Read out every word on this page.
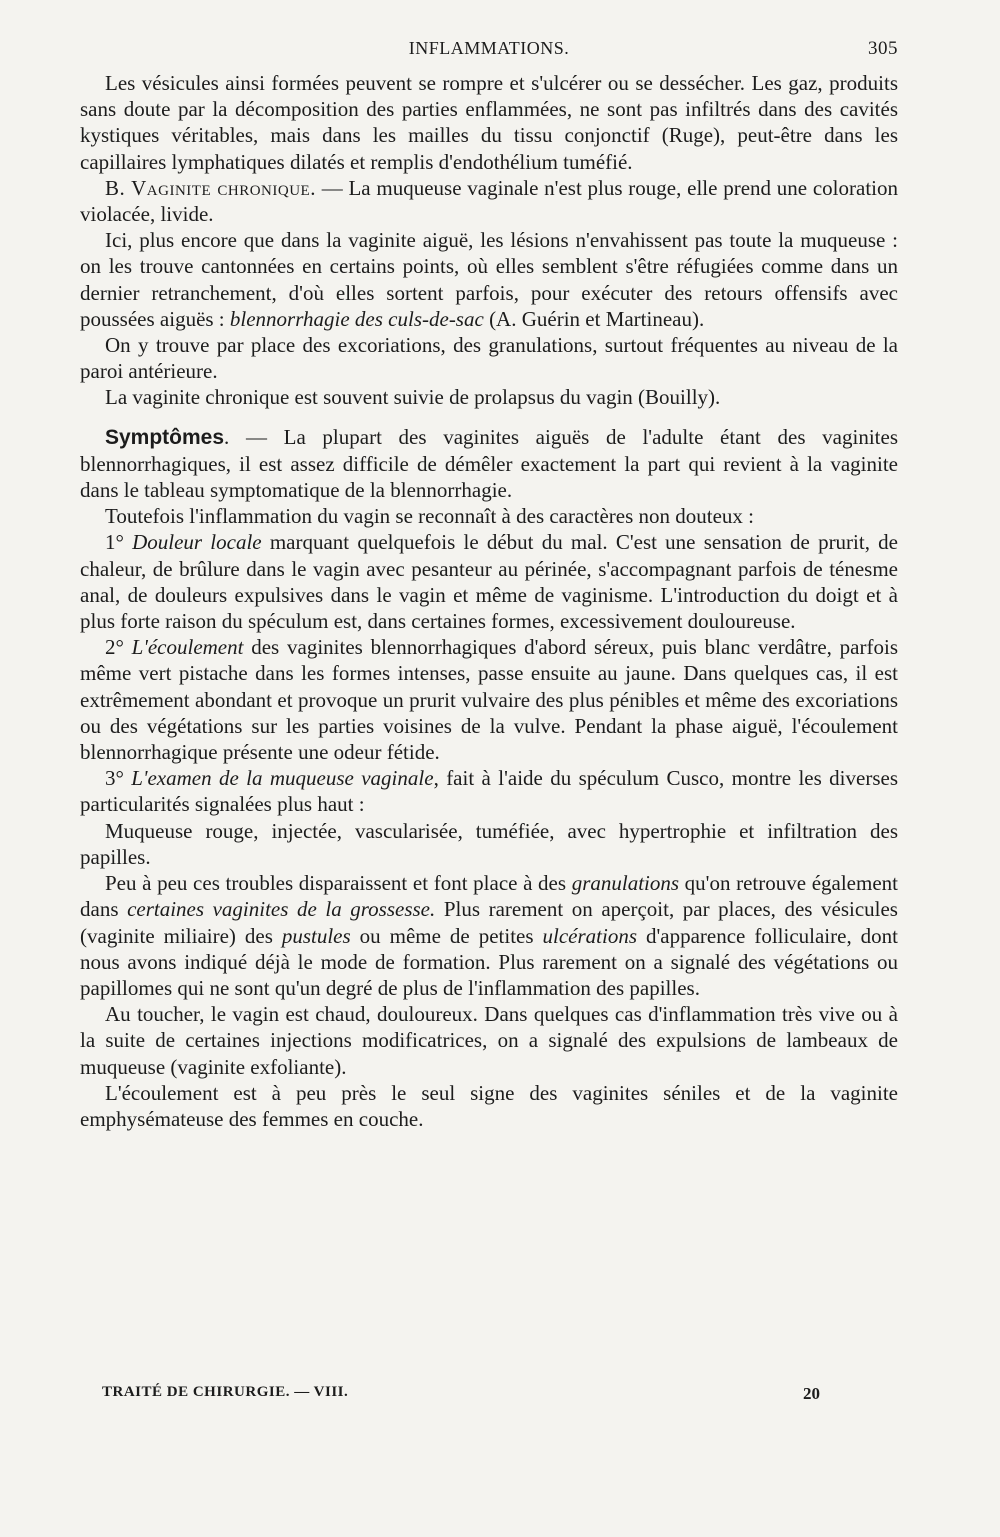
INFLAMMATIONS.	305

Les vésicules ainsi formées peuvent se rompre et s'ulcérer ou se dessécher. Les gaz, produits sans doute par la décomposition des parties enflammées, ne sont pas infiltrés dans des cavités kystiques véritables, mais dans les mailles du tissu conjonctif (Ruge), peut-être dans les capillaires lymphatiques dilatés et remplis d'endothélium tuméfié.

B. Vaginite chronique. — La muqueuse vaginale n'est plus rouge, elle prend une coloration violacée, livide.

Ici, plus encore que dans la vaginite aiguë, les lésions n'envahissent pas toute la muqueuse : on les trouve cantonnées en certains points, où elles semblent s'être réfugiées comme dans un dernier retranchement, d'où elles sortent parfois, pour exécuter des retours offensifs avec poussées aiguës : blennorrhagie des culs-de-sac (A. Guérin et Martineau).

On y trouve par place des excoriations, des granulations, surtout fréquentes au niveau de la paroi antérieure.

La vaginite chronique est souvent suivie de prolapsus du vagin (Bouilly).

Symptômes. — La plupart des vaginites aiguës de l'adulte étant des vaginites blennorrhagiques, il est assez difficile de démêler exactement la part qui revient à la vaginite dans le tableau symptomatique de la blennorrhagie.

Toutefois l'inflammation du vagin se reconnaît à des caractères non douteux :

1° Douleur locale marquant quelquefois le début du mal. C'est une sensation de prurit, de chaleur, de brûlure dans le vagin avec pesanteur au périnée, s'accompagnant parfois de ténesme anal, de douleurs expulsives dans le vagin et même de vaginisme. L'introduction du doigt et à plus forte raison du spéculum est, dans certaines formes, excessivement douloureuse.

2° L'écoulement des vaginites blennorrhagiques d'abord séreux, puis blanc verdâtre, parfois même vert pistache dans les formes intenses, passe ensuite au jaune. Dans quelques cas, il est extrêmement abondant et provoque un prurit vulvaire des plus pénibles et même des excoriations ou des végétations sur les parties voisines de la vulve. Pendant la phase aiguë, l'écoulement blennorrhagique présente une odeur fétide.

3° L'examen de la muqueuse vaginale, fait à l'aide du spéculum Cusco, montre les diverses particularités signalées plus haut :

Muqueuse rouge, injectée, vascularisée, tuméfiée, avec hypertrophie et infiltration des papilles.

Peu à peu ces troubles disparaissent et font place à des granulations qu'on retrouve également dans certaines vaginites de la grossesse. Plus rarement on aperçoit, par places, des vésicules (vaginite miliaire) des pustules ou même de petites ulcérations d'apparence folliculaire, dont nous avons indiqué déjà le mode de formation. Plus rarement on a signalé des végétations ou papillomes qui ne sont qu'un degré de plus de l'inflammation des papilles.

Au toucher, le vagin est chaud, douloureux. Dans quelques cas d'inflammation très vive ou à la suite de certaines injections modificatrices, on a signalé des expulsions de lambeaux de muqueuse (vaginite exfoliante).

L'écoulement est à peu près le seul signe des vaginites séniles et de la vaginite emphysémateuse des femmes en couche.

TRAITÉ DE CHIRURGIE. — VIII.	20
